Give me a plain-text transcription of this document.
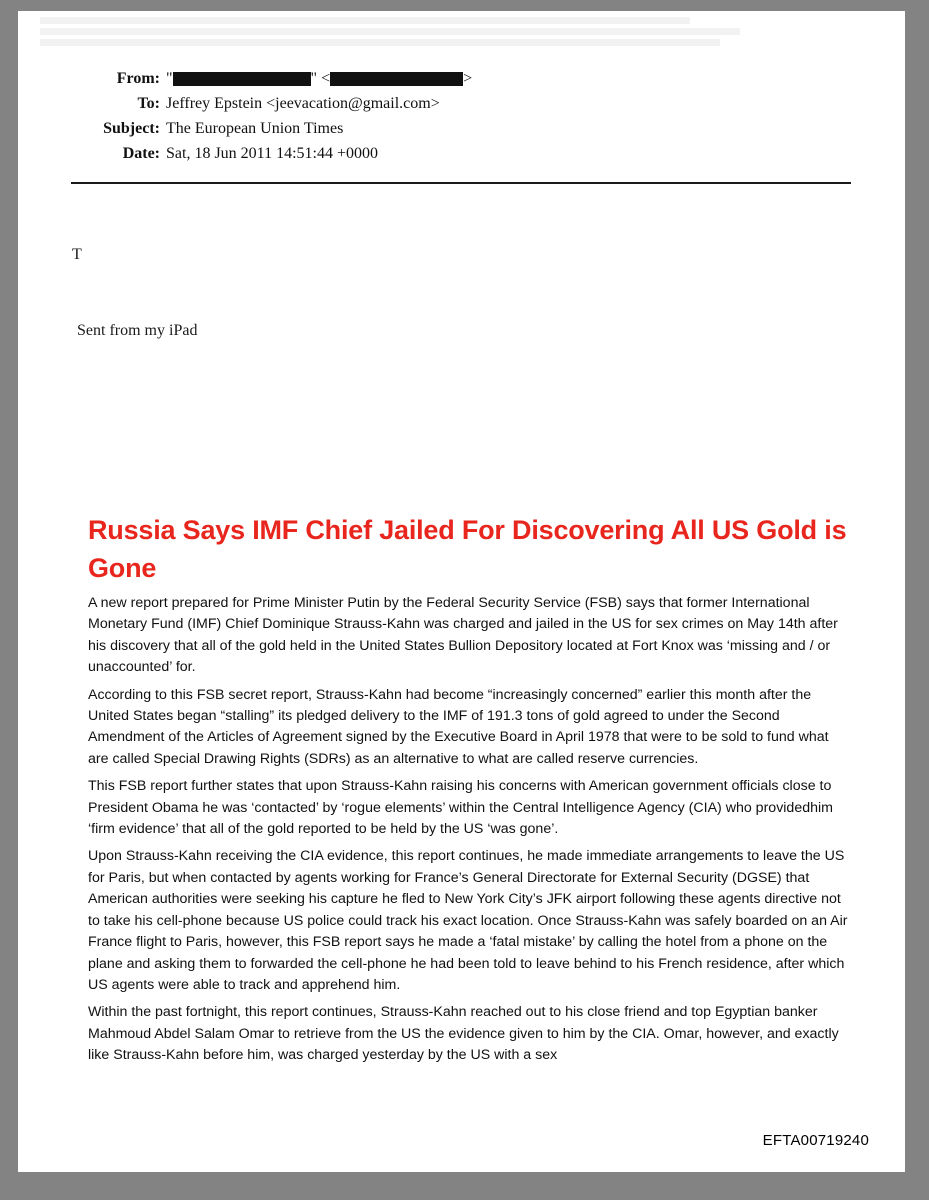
From: "	" <	>
To: Jeffrey Epstein <jeevacation@gmail.com>
Subject: The European Union Times
Date: Sat, 18 Jun 2011 14:51:44 +0000
T
Sent from my iPad
Russia Says IMF Chief Jailed For Discovering All US Gold is Gone

A new report prepared for Prime Minister Putin by the Federal Security Service (FSB) says that former International Monetary Fund (IMF) Chief Dominique Strauss-Kahn was charged and jailed in the US for sex crimes on May 14th after his discovery that all of the gold held in the United States Bullion Depository located at Fort Knox was ‘missing and / or unaccounted’ for.

According to this FSB secret report, Strauss-Kahn had become “increasingly concerned” earlier this month after the United States began “stalling” its pledged delivery to the IMF of 191.3 tons of gold agreed to under the Second Amendment of the Articles of Agreement signed by the Executive Board in April 1978 that were to be sold to fund what are called Special Drawing Rights (SDRs) as an alternative to what are called reserve currencies.

This FSB report further states that upon Strauss-Kahn raising his concerns with American government officials close to President Obama he was ‘contacted’ by ‘rogue elements’ within the Central Intelligence Agency (CIA) who providedhim ‘firm evidence’ that all of the gold reported to be held by the US ‘was gone’.

Upon Strauss-Kahn receiving the CIA evidence, this report continues, he made immediate arrangements to leave the US for Paris, but when contacted by agents working for France’s General Directorate for External Security (DGSE) that American authorities were seeking his capture he fled to New York City’s JFK airport following these agents directive not to take his cell-phone because US police could track his exact location. Once Strauss-Kahn was safely boarded on an Air France flight to Paris, however, this FSB report says he made a ‘fatal mistake’ by calling the hotel from a phone on the plane and asking them to forwarded the cell-phone he had been told to leave behind to his French residence, after which US agents were able to track and apprehend him.

Within the past fortnight, this report continues, Strauss-Kahn reached out to his close friend and top Egyptian banker Mahmoud Abdel Salam Omar to retrieve from the US the evidence given to him by the CIA. Omar, however, and exactly like Strauss-Kahn before him, was charged yesterday by the US with a sex

EFTA00719240
